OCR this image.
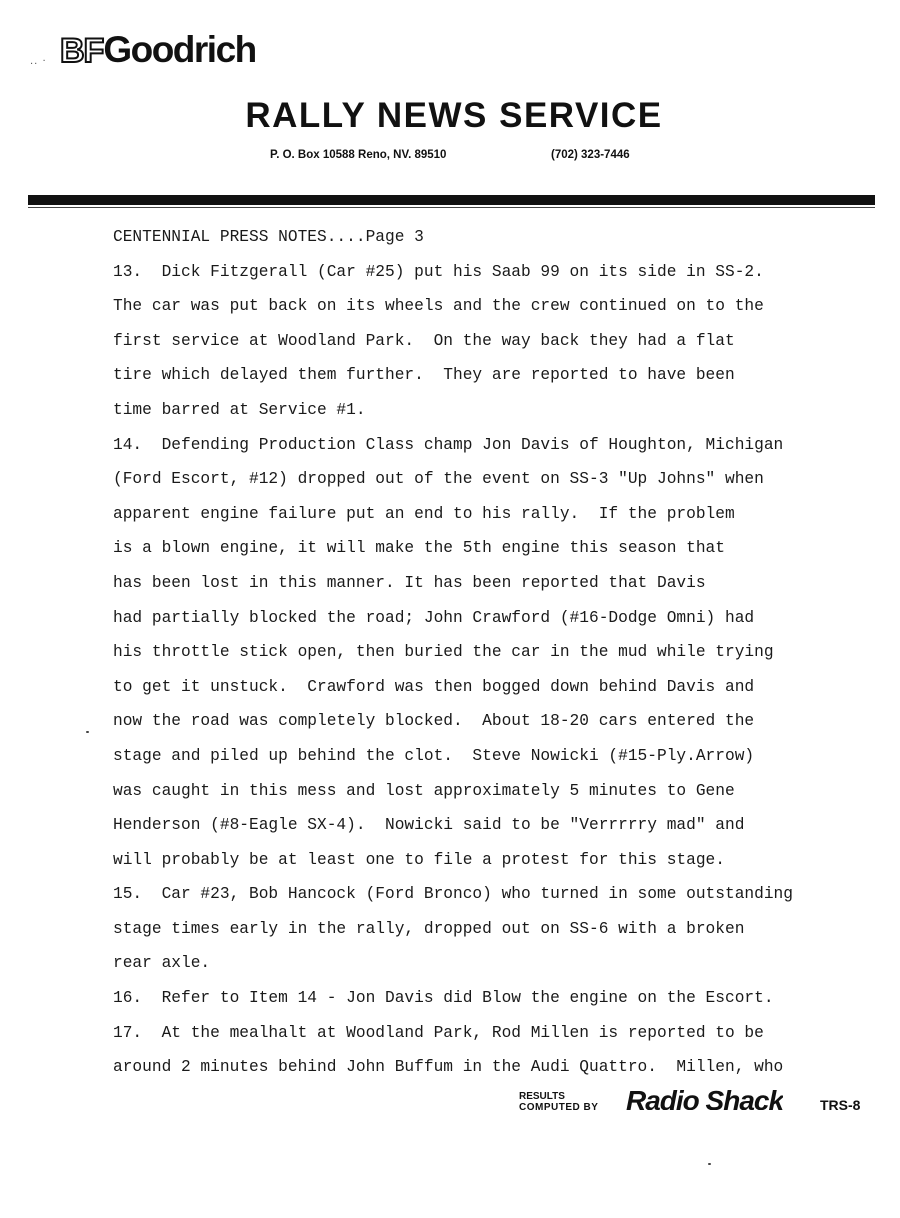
.. · BF Goodrich
RALLY NEWS SERVICE
P. O. Box 10588 Reno, NV. 89510	(702) 323-7446
CENTENNIAL PRESS NOTES....Page 3
13.  Dick Fitzgerall (Car #25) put his Saab 99 on its side in SS-2.
The car was put back on its wheels and the crew continued on to the
first service at Woodland Park.  On the way back they had a flat
tire which delayed them further.  They are reported to have been
time barred at Service #1.
14.  Defending Production Class champ Jon Davis of Houghton, Michigan
(Ford Escort, #12) dropped out of the event on SS-3 "Up Johns" when
apparent engine failure put an end to his rally.  If the problem
is a blown engine, it will make the 5th engine this season that
has been lost in this manner. It has been reported that Davis
had partially blocked the road; John Crawford (#16-Dodge Omni) had
his throttle stick open, then buried the car in the mud while trying
to get it unstuck.  Crawford was then bogged down behind Davis and
now the road was completely blocked.  About 18-20 cars entered the
stage and piled up behind the clot.  Steve Nowicki (#15-Ply.Arrow)
was caught in this mess and lost approximately 5 minutes to Gene
Henderson (#8-Eagle SX-4).  Nowicki said to be "Verrrrry mad" and
will probably be at least one to file a protest for this stage.
15.  Car #23, Bob Hancock (Ford Bronco) who turned in some outstanding
stage times early in the rally, dropped out on SS-6 with a broken
rear axle.
16.  Refer to Item 14 - Jon Davis did Blow the engine on the Escort.
17.  At the mealhalt at Woodland Park, Rod Millen is reported to be
around 2 minutes behind John Buffum in the Audi Quattro.  Millen, who
RESULTS
COMPUTED BY Radio Shack	TRS-8
